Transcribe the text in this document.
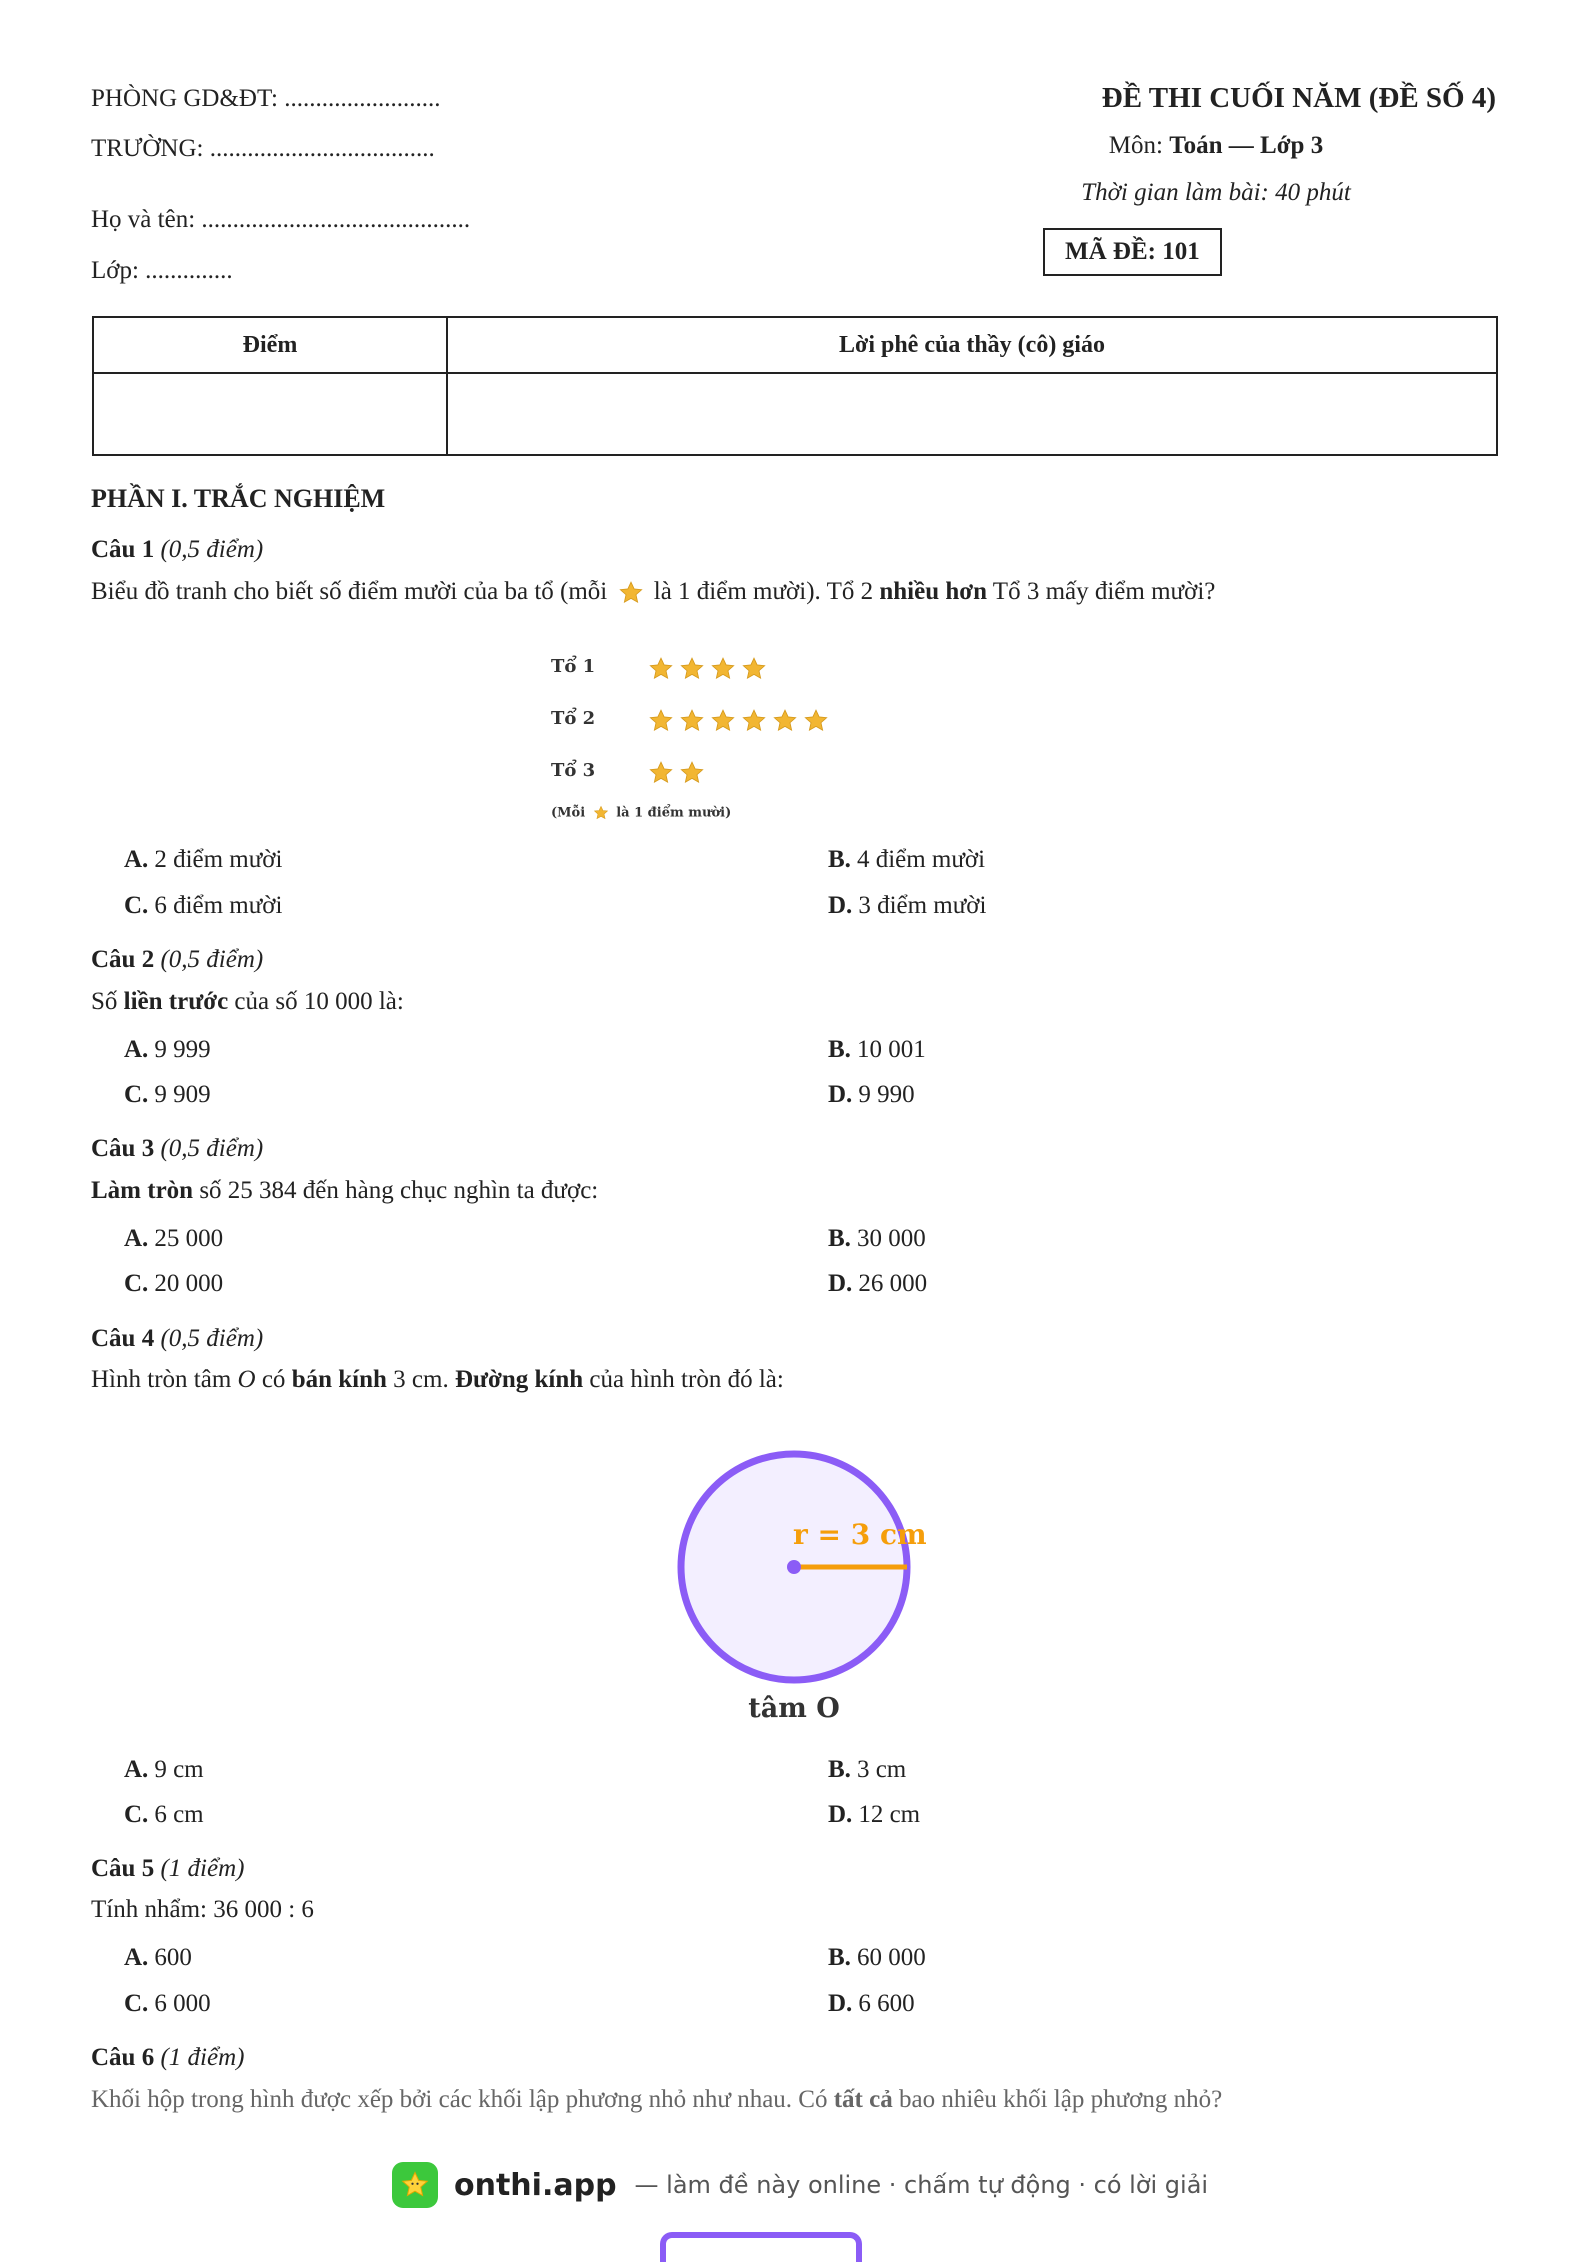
PHÒNG GD&ĐT: .........................
TRƯỜNG: ....................................
Họ và tên: ...........................................
Lớp: ..............
ĐỀ THI CUỐI NĂM (ĐỀ SỐ 4)
Môn: Toán — Lớp 3
Thời gian làm bài: 40 phút
MÃ ĐỀ: 101
Điểm	Lời phê của thầy (cô) giáo

PHẦN I. TRẮC NGHIỆM
Câu 1 (0,5 điểm)
Biểu đồ tranh cho biết số điểm mười của ba tổ (mỗi
là 1 điểm mười). Tổ 2 nhiều hơn Tổ 3 mấy điểm mười?
Tổ 1
Tổ 2
Tổ 3
(Mỗi
là 1 điểm mười)
A. 2 điểm mười	B. 4 điểm mười
C. 6 điểm mười	D. 3 điểm mười
Câu 2 (0,5 điểm)
Số liền trước của số 10 000 là:
A. 9 999	B. 10 001
C. 9 909	D. 9 990
Câu 3 (0,5 điểm)
Làm tròn số 25 384 đến hàng chục nghìn ta được:
A. 25 000	B. 30 000
C. 20 000	D. 26 000
Câu 4 (0,5 điểm)
Hình tròn tâm O có bán kính 3 cm. Đường kính của hình tròn đó là:
r = 3 cm
tâm O
A. 9 cm	B. 3 cm
C. 6 cm	D. 12 cm
Câu 5 (1 điểm)
Tính nhẩm: 36 000 : 6
A. 600	B. 60 000
C. 6 000	D. 6 600
Câu 6 (1 điểm)
Khối hộp trong hình được xếp bởi các khối lập phương nhỏ như nhau. Có tất cả bao nhiêu khối lập phương nhỏ?
onthi.app — làm đề này online · chấm tự động · có lời giải
